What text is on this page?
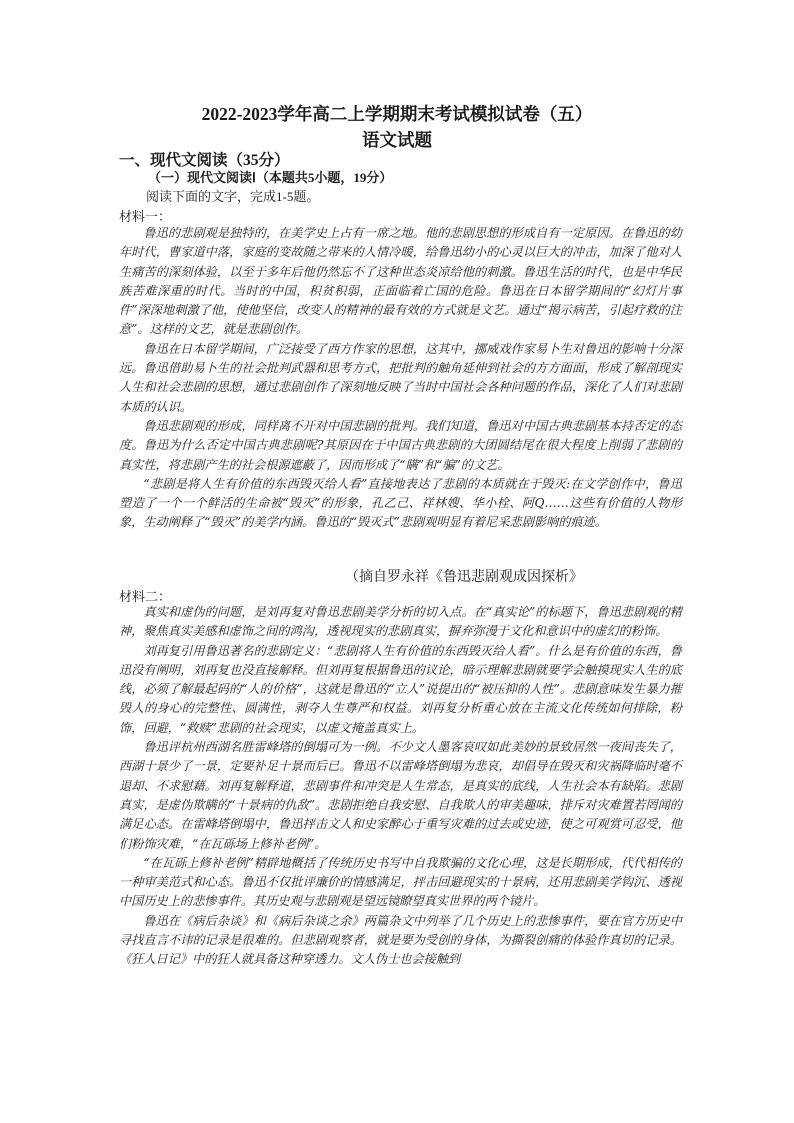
2022-2023学年高二上学期期末考试模拟试卷（五）
语文试题
一、现代文阅读（35分）
（一）现代文阅读Ⅰ（本题共5小题，19分）
阅读下面的文字，完成1-5题。
材料一：

鲁迅的悲剧观是独特的，在美学史上占有一席之地。他的悲剧思想的形成自有一定原因。在鲁迅的幼年时代，曹家道中落，家庭的变故随之带来的人情冷暖，给鲁迅幼小的心灵以巨大的冲击，加深了他对人生痛苦的深刻体验，以至于多年后他仍然忘不了这种世态炎凉给他的刺激。鲁迅生活的时代，也是中华民族苦难深重的时代。当时的中国，积贫积弱，正面临着亡国的危险。鲁迅在日本留学期间的“幻灯片事件”深深地刺激了他，使他坚信，改变人的精神的最有效的方式就是文艺。通过“揭示病苦，引起疗救的注意”。这样的文艺，就是悲剧创作。

鲁迅在日本留学期间，广泛接受了西方作家的思想，这其中，挪威戏作家易卜生对鲁迅的影响十分深远。鲁迅借助易卜生的社会批判武器和思考方式，把批判的触角延伸到社会的方方面面，形成了解剖现实人生和社会悲剧的思想，通过悲剧创作了深刻地反映了当时中国社会各种问题的作品，深化了人们对悲剧本质的认识。

鲁迅悲剧观的形成，同样离不开对中国悲剧的批判。我们知道，鲁迅对中国古典悲剧基本持否定的态度。鲁迅为什么否定中国古典悲剧呢?其原因在于中国古典悲剧的大团圆结尾在很大程度上削弱了悲剧的真实性，将悲剧产生的社会根源遮蔽了，因而形成了“瞒”和“骗”的文艺。

“悲剧是将人生有价值的东西毁灭给人看”直接地表达了悲剧的本质就在于毁灭:在文学创作中，鲁迅塑造了一个一个鲜活的生命被“毁灭”的形象，孔乙己、祥林嫂、华小栓、阿Q……这些有价值的人物形象，生动阐释了“毁灭”的美学内涵。鲁迅的“毁灭式”悲剧观明显有着尼采悲剧影响的痕迹。

（摘自罗永祥《鲁迅悲剧观成因探析》
材料二：

真实和虚伪的问题，是刘再复对鲁迅悲剧美学分析的切入点。在“真实论”的标题下，鲁迅悲剧观的精神，聚焦真实美感和虚饰之间的鸿沟，透视现实的悲剧真实，摒弃弥漫于文化和意识中的虚幻的粉饰。

刘再复引用鲁迅著名的悲剧定义：“悲剧将人生有价值的东西毁灭给人看”。什么是有价值的东西，鲁迅没有阐明，刘再复也没直接解释。但刘再复根据鲁迅的议论，暗示理解悲剧就要学会触摸现实人生的底线，必须了解最起码的“人的价格”，这就是鲁迅的“立人”说提出的“被压抑的人性”。悲剧意味发生暴力摧毁人的身心的完整性、圆满性，剥夺人生尊严和权益。刘再复分析重心放在主流文化传统如何排除，粉饰，回避，“救赎”悲剧的社会现实，以虚文掩盖真实上。

鲁迅评杭州西湖名胜雷峰塔的倒塌可为一例。不少文人墨客哀叹如此美妙的景致居然一夜间丧失了，西湖十景少了一景，定要补足十景而后已。鲁迅不以雷峰塔倒塌为悲哀，却倡导在毁灭和灾祸降临时毫不退却、不求慰藉。刘再复解释道，悲剧事件和冲突是人生常态，是真实的底线，人生社会本有缺陷。悲剧真实，是虚伪欺瞒的“十景病的仇敌”。悲剧拒绝自我安慰、自我欺人的审美趣味，排斥对灾难置若罔闻的满足心态。在雷峰塔倒塌中，鲁迅抨击文人和史家醉心于重写灾难的过去或史迹，使之可观赏可忍受，他们粉饰灾难，“在瓦砾场上修补老例”。

“在瓦砾上修补老例”精辟地概括了传统历史书写中自我欺骗的文化心理，这是长期形成，代代相传的一种审美范式和心态。鲁迅不仅批评廉价的情感满足，抨击回避现实的十景病，还用悲剧美学钩沉、透视中国历史上的悲惨事件。其历史观与悲剧观是望远镜瞭望真实世界的两个镜片。

鲁迅在《病后杂谈》和《病后杂谈之余》两篇杂文中列举了几个历史上的悲惨事件，要在官方历史中寻找直言不讳的记录是很难的。但悲剧观察者，就是要为受创的身体，为撕裂创痛的体验作真切的记录。《狂人日记》中的狂人就具备这种穿透力。文人伪士也会接触到
